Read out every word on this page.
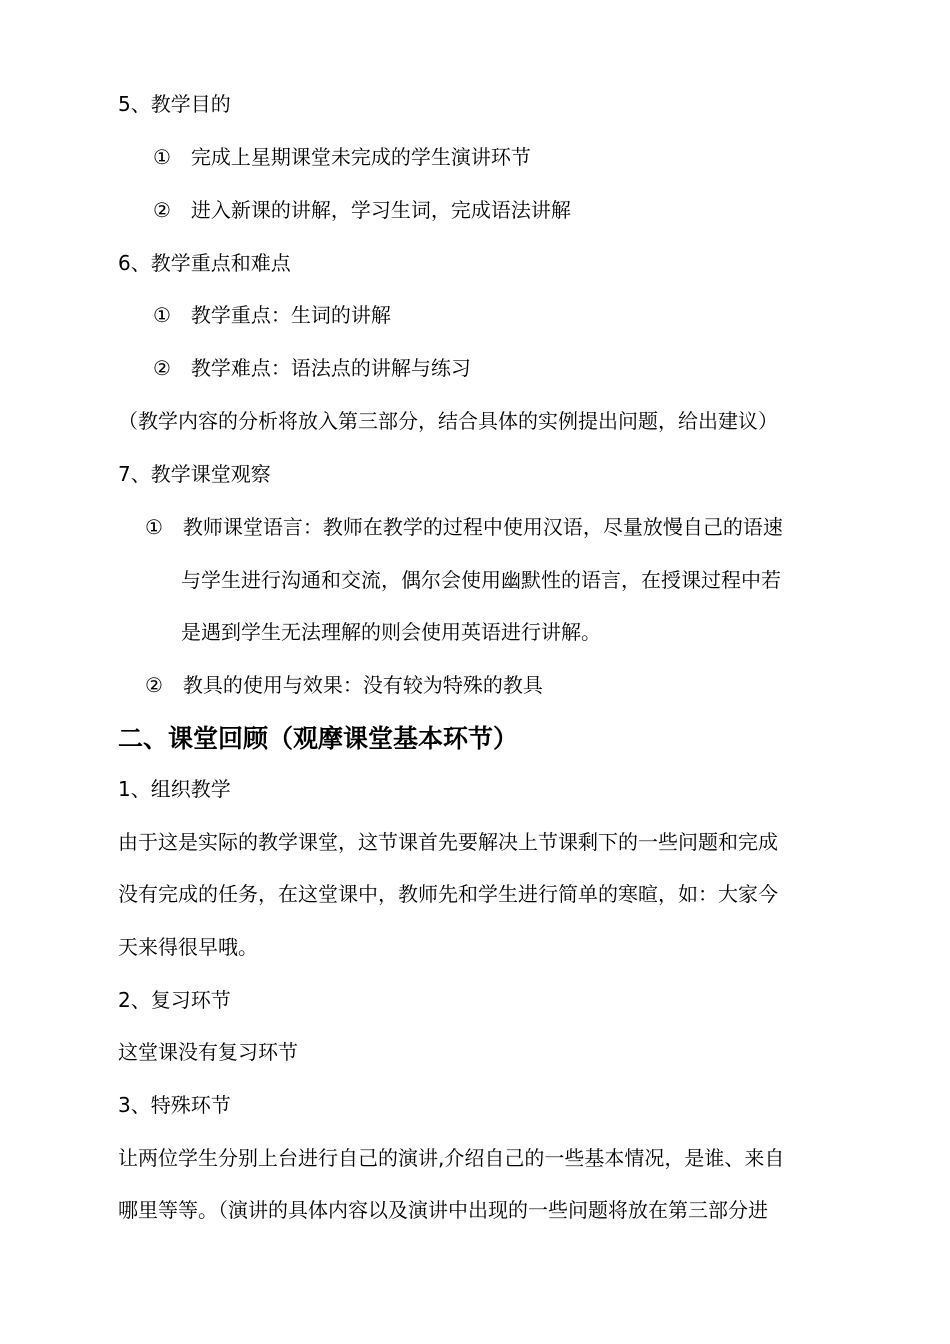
5、教学目的
①　完成上星期课堂未完成的学生演讲环节
②　进入新课的讲解，学习生词，完成语法讲解
6、教学重点和难点
①　教学重点：生词的讲解
②　教学难点：语法点的讲解与练习
（教学内容的分析将放入第三部分，结合具体的实例提出问题，给出建议）
7、教学课堂观察
①　教师课堂语言：教师在教学的过程中使用汉语，尽量放慢自己的语速
与学生进行沟通和交流，偶尔会使用幽默性的语言，在授课过程中若
是遇到学生无法理解的则会使用英语进行讲解。
②　教具的使用与效果：没有较为特殊的教具
二、课堂回顾（观摩课堂基本环节）
1、组织教学
由于这是实际的教学课堂，这节课首先要解决上节课剩下的一些问题和完成
没有完成的任务，在这堂课中，教师先和学生进行简单的寒暄，如：大家今
天来得很早哦。
2、复习环节
这堂课没有复习环节
3、特殊环节
让两位学生分别上台进行自己的演讲,介绍自己的一些基本情况，是谁、来自
哪里等等。（演讲的具体内容以及演讲中出现的一些问题将放在第三部分进
